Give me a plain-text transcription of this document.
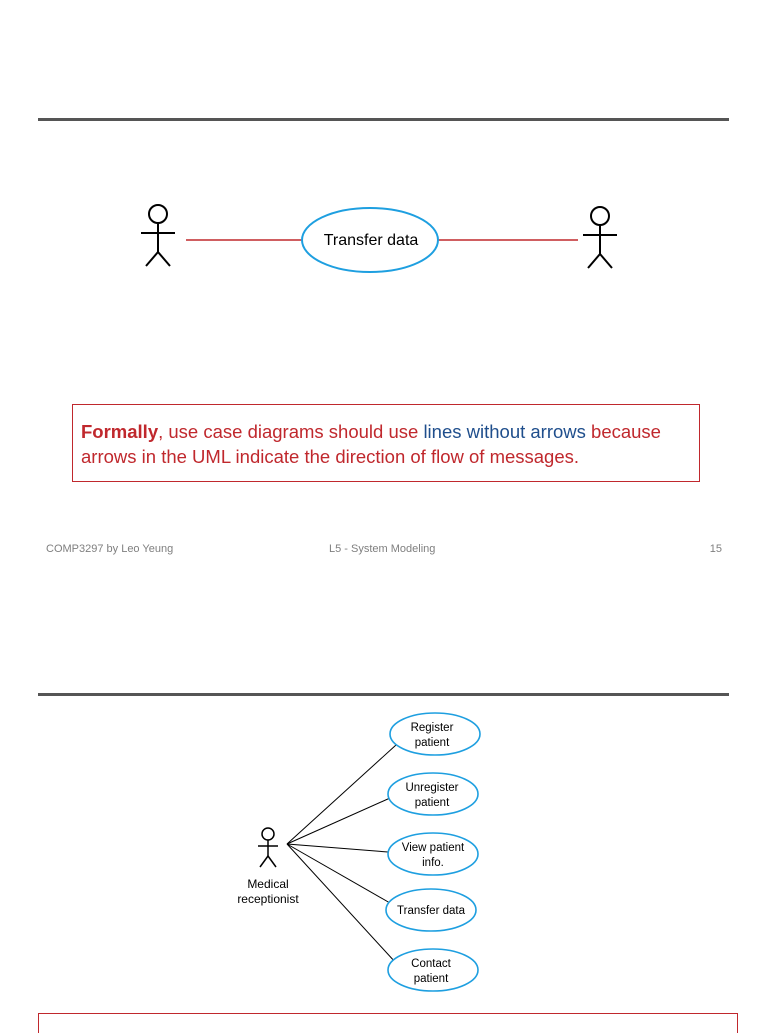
Transfer data
Formally, use case diagrams should use lines without arrows because arrows in the UML indicate the direction of flow of messages.
COMP3297 by Leo Yeung	L5 - System Modeling	15
Medical
receptionist
Register
patient
Unregister
patient
View patient
info.
Transfer data
Contact
patient
